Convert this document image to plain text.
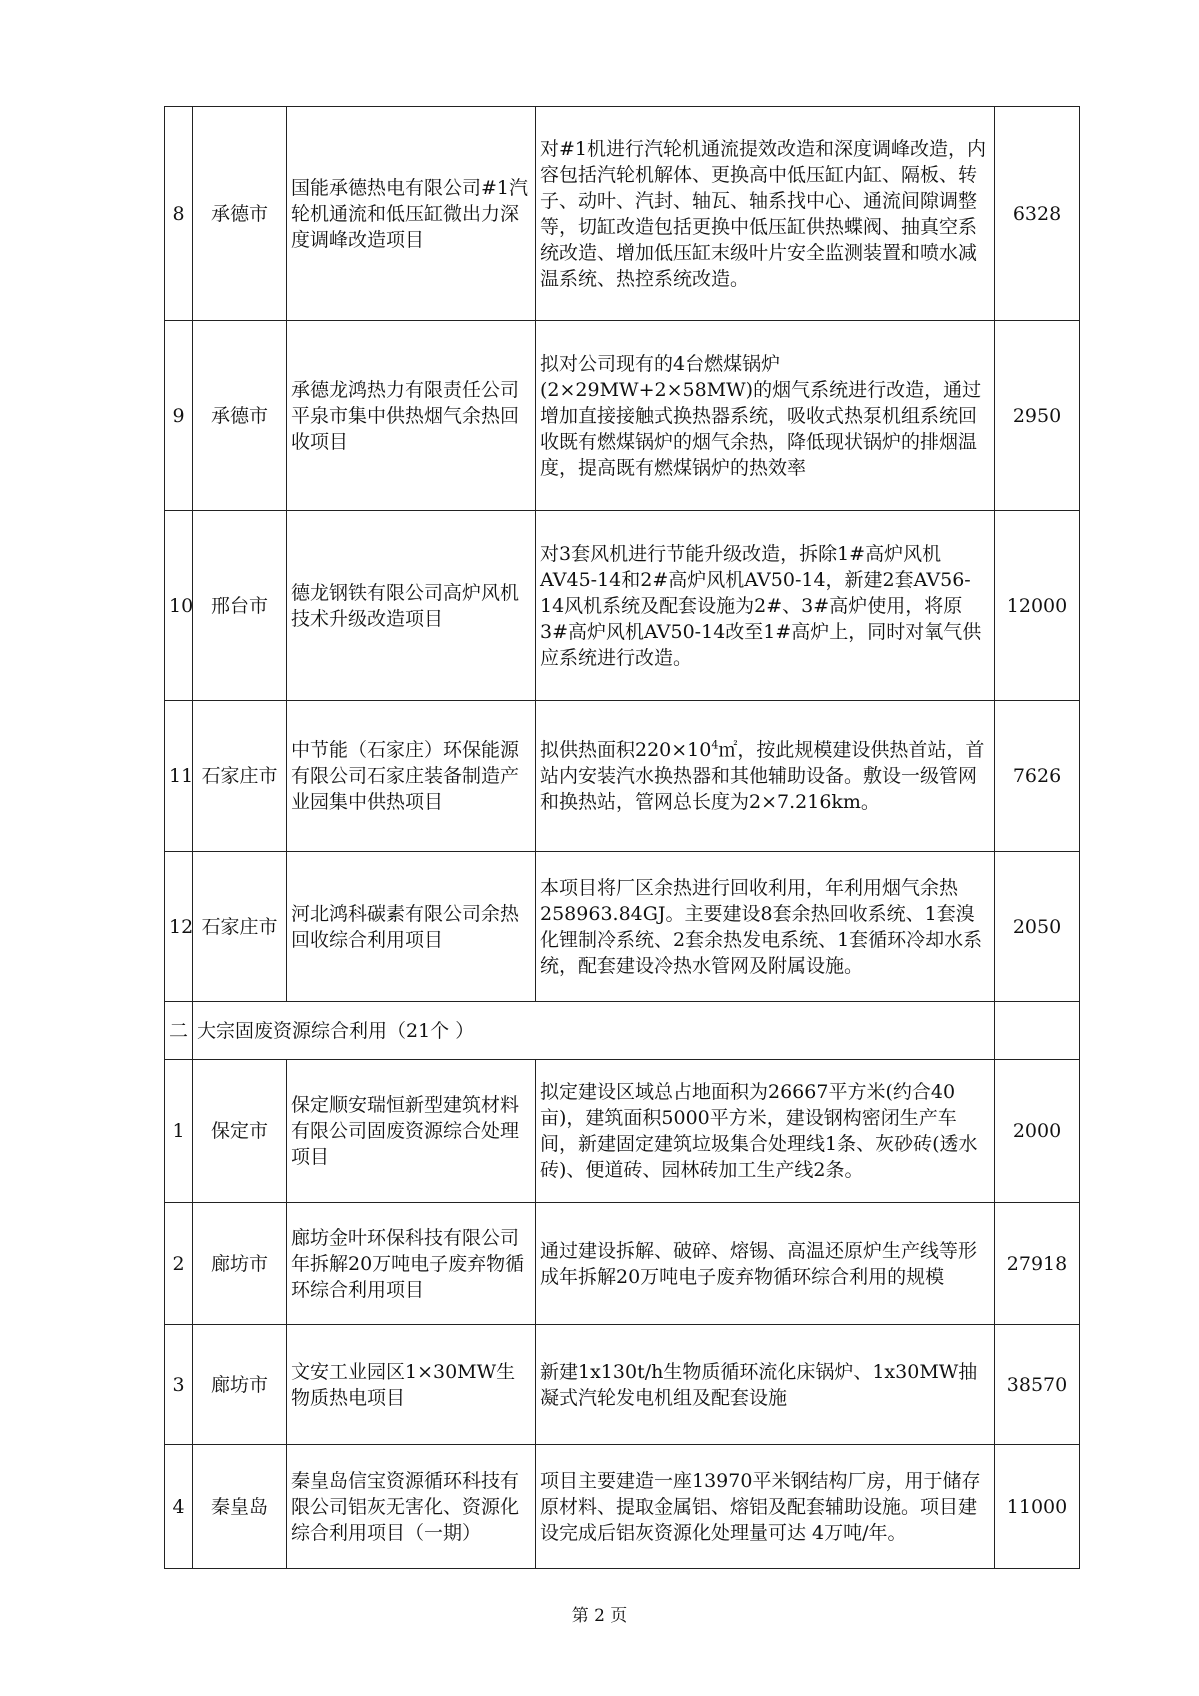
8	承德市	国能承德热电有限公司#1汽轮机通流和低压缸微出力深度调峰改造项目	对#1机进行汽轮机通流提效改造和深度调峰改造，内容包括汽轮机解体、更换高中低压缸内缸、隔板、转子、动叶、汽封、轴瓦、轴系找中心、通流间隙调整等，切缸改造包括更换中低压缸供热蝶阀、抽真空系统改造、增加低压缸末级叶片安全监测装置和喷水减温系统、热控系统改造。	6328
9	承德市	承德龙鸿热力有限责任公司平泉市集中供热烟气余热回收项目	拟对公司现有的4台燃煤锅炉(2×29MW+2×58MW)的烟气系统进行改造，通过增加直接接触式换热器系统，吸收式热泵机组系统回收既有燃煤锅炉的烟气余热，降低现状锅炉的排烟温度，提高既有燃煤锅炉的热效率	2950
10	邢台市	德龙钢铁有限公司高炉风机技术升级改造项目	对3套风机进行节能升级改造，拆除1#高炉风机AV45-14和2#高炉风机AV50-14，新建2套AV56-14风机系统及配套设施为2#、3#高炉使用，将原3#高炉风机AV50-14改至1#高炉上，同时对氧气供应系统进行改造。	12000
11	石家庄市	中节能（石家庄）环保能源有限公司石家庄装备制造产业园集中供热项目	拟供热面积$220\times 10^4㎡$，按此规模建设供热首站，首站内安装汽水换热器和其他辅助设备。敷设一级管网和换热站，管网总长度为2×7.216km。	7626
12	石家庄市	河北鸿科碳素有限公司余热回收综合利用项目	本项目将厂区余热进行回收利用，年利用烟气余热258963.84GJ。主要建设8套余热回收系统、1套溴化锂制冷系统、2套余热发电系统、1套循环冷却水系统，配套建设冷热水管网及附属设施。	2050
二	大宗固废资源综合利用（21个 ）			
1	保定市	保定顺安瑞恒新型建筑材料有限公司固废资源综合处理项目	拟定建设区域总占地面积为26667平方米(约合40亩)，建筑面积5000平方米，建设钢构密闭生产车间，新建固定建筑垃圾集合处理线1条、灰砂砖(透水砖)、便道砖、园林砖加工生产线2条。	2000
2	廊坊市	廊坊金叶环保科技有限公司年拆解20万吨电子废弃物循环综合利用项目	通过建设拆解、破碎、熔锡、高温还原炉生产线等形成年拆解20万吨电子废弃物循环综合利用的规模	27918
3	廊坊市	文安工业园区1×30MW生物质热电项目	新建1x130t/h生物质循环流化床锅炉、1x30MW抽凝式汽轮发电机组及配套设施	38570
4	秦皇岛	秦皇岛信宝资源循环科技有限公司铝灰无害化、资源化综合利用项目（一期）	项目主要建造一座13970平米钢结构厂房，用于储存原材料、提取金属铝、熔铝及配套辅助设施。项目建设完成后铝灰资源化处理量可达 4万吨/年。	11000
第 2 页
